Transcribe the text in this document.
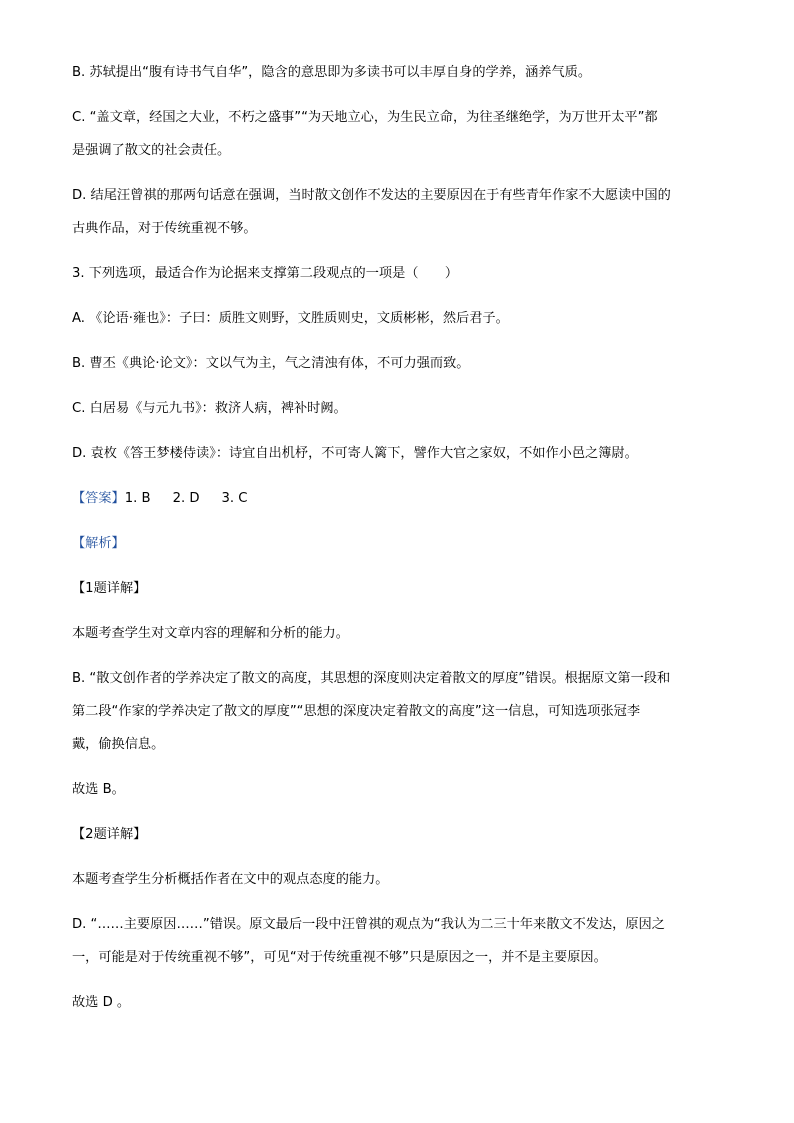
B. 苏轼提出“腹有诗书气自华”，隐含的意思即为多读书可以丰厚自身的学养，涵养气质。

C. “盖文章，经国之大业，不朽之盛事”“为天地立心，为生民立命，为往圣继绝学，为万世开太平”都

是强调了散文的社会责任。

D. 结尾汪曾祺的那两句话意在强调，当时散文创作不发达的主要原因在于有些青年作家不大愿读中国的

古典作品，对于传统重视不够。

3. 下列选项，最适合作为论据来支撑第二段观点的一项是（　　）

A. 《论语·雍也》：子曰：质胜文则野，文胜质则史，文质彬彬，然后君子。

B. 曹丕《典论·论文》：文以气为主，气之清浊有体，不可力强而致。

C. 白居易《与元九书》：救济人病，裨补时阙。

D. 袁枚《答王梦楼侍读》：诗宜自出机杼，不可寄人篱下，譬作大官之家奴，不如作小邑之簿尉。

【答案】1. B 2. D 3. C

【解析】

【1题详解】

本题考查学生对文章内容的理解和分析的能力。

B. “散文创作者的学养决定了散文的高度，其思想的深度则决定着散文的厚度”错误。根据原文第一段和

第二段“作家的学养决定了散文的厚度”“思想的深度决定着散文的高度”这一信息，可知选项张冠李

戴，偷换信息。

故选 B。

【2题详解】

本题考查学生分析概括作者在文中的观点态度的能力。

D. “……主要原因……”错误。原文最后一段中汪曾祺的观点为“我认为二三十年来散文不发达，原因之

一，可能是对于传统重视不够”，可见“对于传统重视不够”只是原因之一，并不是主要原因。

故选 D 。
